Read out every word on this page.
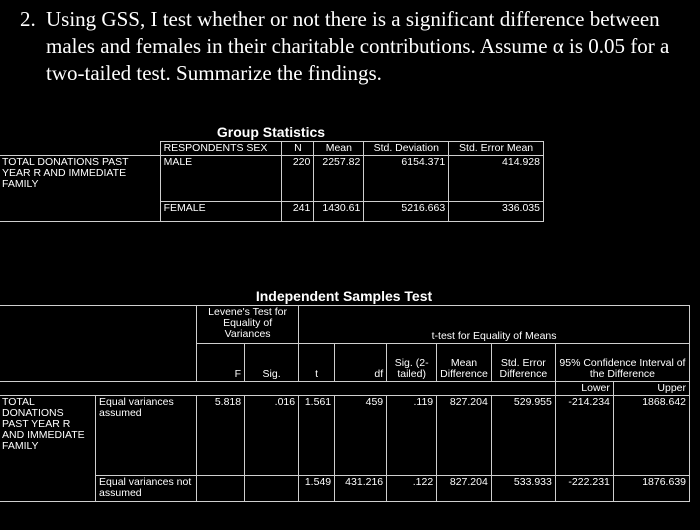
2. Using GSS, I test whether or not there is a significant difference between males and females in their charitable contributions. Assume α is 0.05 for a two-tailed test. Summarize the findings.
Group Statistics					
	RESPONDENTS SEX	N	Mean	Std. Deviation	Std. Error Mean
TOTAL DONATIONS PAST YEAR R AND IMMEDIATE FAMILY	MALE	220	2257.82	6154.371	414.928
	FEMALE	241	1430.61	5216.663	336.035
Independent Samples Test										
		Levene's Test for Equality of Variances		t-test for Equality of Means						
		F	Sig.	t	df	Sig. (2-tailed)	Mean Difference	Std. Error Difference	95% Confidence Interval of the Difference	
									Lower	Upper
TOTAL DONATIONS PAST YEAR R AND IMMEDIATE FAMILY	Equal variances assumed	5.818	.016	1.561	459	.119	827.204	529.955	-214.234	1868.642
	Equal variances not assumed			1.549	431.216	.122	827.204	533.933	-222.231	1876.639
